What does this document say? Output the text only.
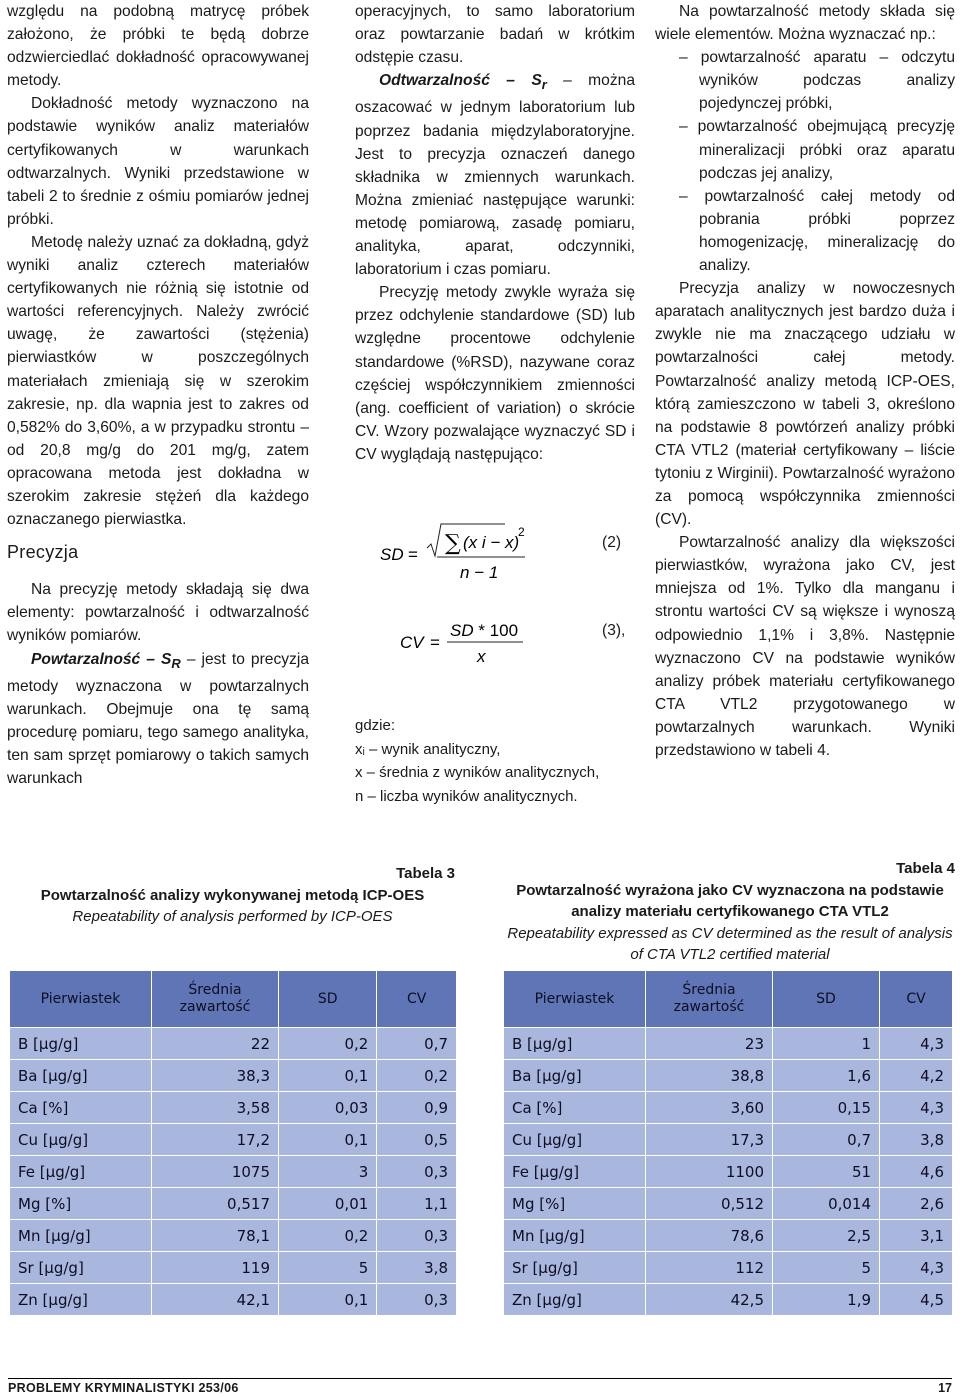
względu na podobną matrycę próbek założono, że próbki te będą dobrze odzwierciedlać dokładność opracowywanej metody.

Dokładność metody wyznaczono na podstawie wyników analiz materiałów certyfikowanych w warunkach odtwarzalnych. Wyniki przedstawione w tabeli 2 to średnie z ośmiu pomiarów jednej próbki.

Metodę należy uznać za dokładną, gdyż wyniki analiz czterech materiałów certyfikowanych nie różnią się istotnie od wartości referencyjnych. Należy zwrócić uwagę, że zawartości (stężenia) pierwiastków w poszczególnych materiałach zmieniają się w szerokim zakresie, np. dla wapnia jest to zakres od 0,582% do 3,60%, a w przypadku strontu – od 20,8 mg/g do 201 mg/g, zatem opracowana metoda jest dokładna w szerokim zakresie stężeń dla każdego oznaczanego pierwiastka.

Precyzja

Na precyzję metody składają się dwa elementy: powtarzalność i odtwarzalność wyników pomiarów.

Powtarzalność – $S_R$ – jest to precyzja metody wyznaczona w powtarzalnych warunkach. Obejmuje ona tę samą procedurę pomiaru, tego samego analityka, ten sam sprzęt pomiarowy o takich samych warunkach

operacyjnych, to samo laboratorium oraz powtarzanie badań w krótkim odstępie czasu.

Odtwarzalność – $S_r$ – można oszacować w jednym laboratorium lub poprzez badania międzylaboratoryjne. Jest to precyzja oznaczeń danego składnika w zmiennych warunkach. Można zmieniać następujące warunki: metodę pomiarową, zasadę pomiaru, analityka, aparat, odczynniki, laboratorium i czas pomiaru.

Precyzję metody zwykle wyraża się przez odchylenie standardowe (SD) lub względne procentowe odchylenie standardowe (%RSD), nazywane coraz częściej współczynnikiem zmienności (ang. coefficient of variation) o skrócie CV. Wzory pozwalające wyznaczyć SD i CV wyglądają następująco:

SD = ∑ (x i − x)
2
n − 1
CV =
SD * 100
x
(2)
(3),
gdzie:
xᵢ – wynik analityczny,
x – średnia z wyników analitycznych,
n – liczba wyników analitycznych.

Na powtarzalność metody składa się wiele elementów. Można wyznaczać np.:

– powtarzalność aparatu – odczytu wyników podczas analizy pojedynczej próbki,

– powtarzalność obejmującą precyzję mineralizacji próbki oraz aparatu podczas jej analizy,

– powtarzalność całej metody od pobrania próbki poprzez homogenizację, mineralizację do analizy.

Precyzja analizy w nowoczesnych aparatach analitycznych jest bardzo duża i zwykle nie ma znaczącego udziału w powtarzalności całej metody. Powtarzalność analizy metodą ICP-OES, którą zamieszczono w tabeli 3, określono na podstawie 8 powtórzeń analizy próbki CTA VTL2 (materiał certyfikowany – liście tytoniu z Wirginii). Powtarzalność wyrażono za pomocą współczynnika zmienności (CV).

Powtarzalność analizy dla większości pierwiastków, wyrażona jako CV, jest mniejsza od 1%. Tylko dla manganu i strontu wartości CV są większe i wynoszą odpowiednio 1,1% i 3,8%. Następnie wyznaczono CV na podstawie wyników analizy próbek materiału certyfikowanego CTA VTL2 przygotowanego w powtarzalnych warunkach. Wyniki przedstawiono w tabeli 4.

Tabela 3
Powtarzalność analizy wykonywanej metodą ICP-OES
Repeatability of analysis performed by ICP-OES
Tabela 4
Powtarzalność wyrażona jako CV wyznaczona na podstawie analizy materiału certyfikowanego CTA VTL2
Repeatability expressed as CV determined as the result of analysis of CTA VTL2 certified material
Pierwiastek	Średnia zawartość	SD	CV
B [µg/g]	22	0,2	0,7
Ba [µg/g]	38,3	0,1	0,2
Ca [%]	3,58	0,03	0,9
Cu [µg/g]	17,2	0,1	0,5
Fe [µg/g]	1075	3	0,3
Mg [%]	0,517	0,01	1,1
Mn [µg/g]	78,1	0,2	0,3
Sr [µg/g]	119	5	3,8
Zn [µg/g]	42,1	0,1	0,3
Pierwiastek	Średnia zawartość	SD	CV
B [µg/g]	23	1	4,3
Ba [µg/g]	38,8	1,6	4,2
Ca [%]	3,60	0,15	4,3
Cu [µg/g]	17,3	0,7	3,8
Fe [µg/g]	1100	51	4,6
Mg [%]	0,512	0,014	2,6
Mn [µg/g]	78,6	2,5	3,1
Sr [µg/g]	112	5	4,3
Zn [µg/g]	42,5	1,9	4,5
PROBLEMY KRYMINALISTYKI 253/06	17
